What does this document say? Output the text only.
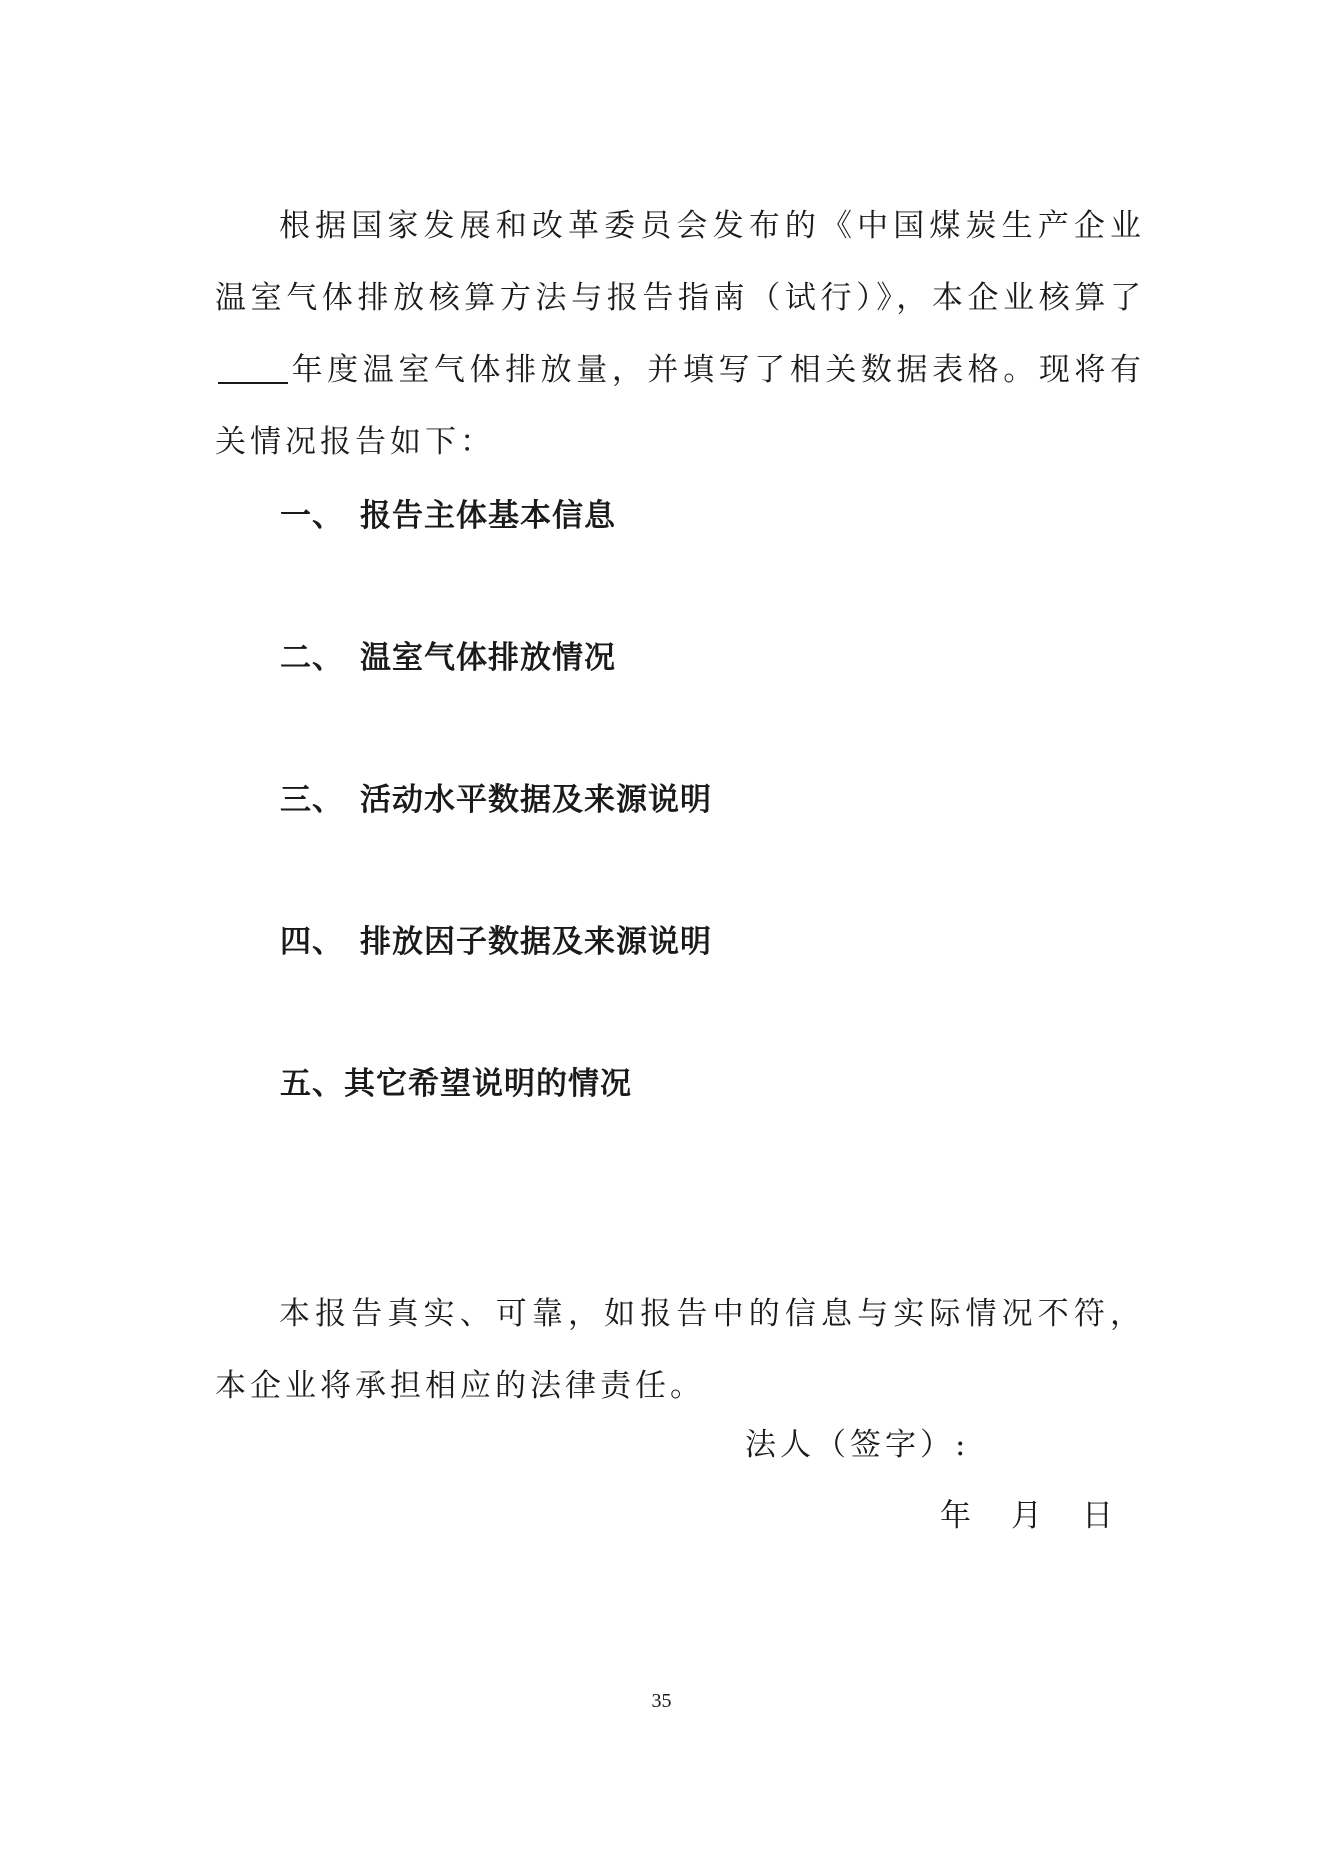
根据国家发展和改革委员会发布的《中国煤炭生产企业温室气体排放核算方法与报告指南（试行）》，本企业核算了年度温室气体排放量，并填写了相关数据表格。现将有关情况报告如下：

一、 报告主体基本信息

二、 温室气体排放情况

三、 活动水平数据及来源说明

四、 排放因子数据及来源说明

五、其它希望说明的情况

本报告真实、可靠，如报告中的信息与实际情况不符，本企业将承担相应的法律责任。

法人（签字）:

年 月 日

35
